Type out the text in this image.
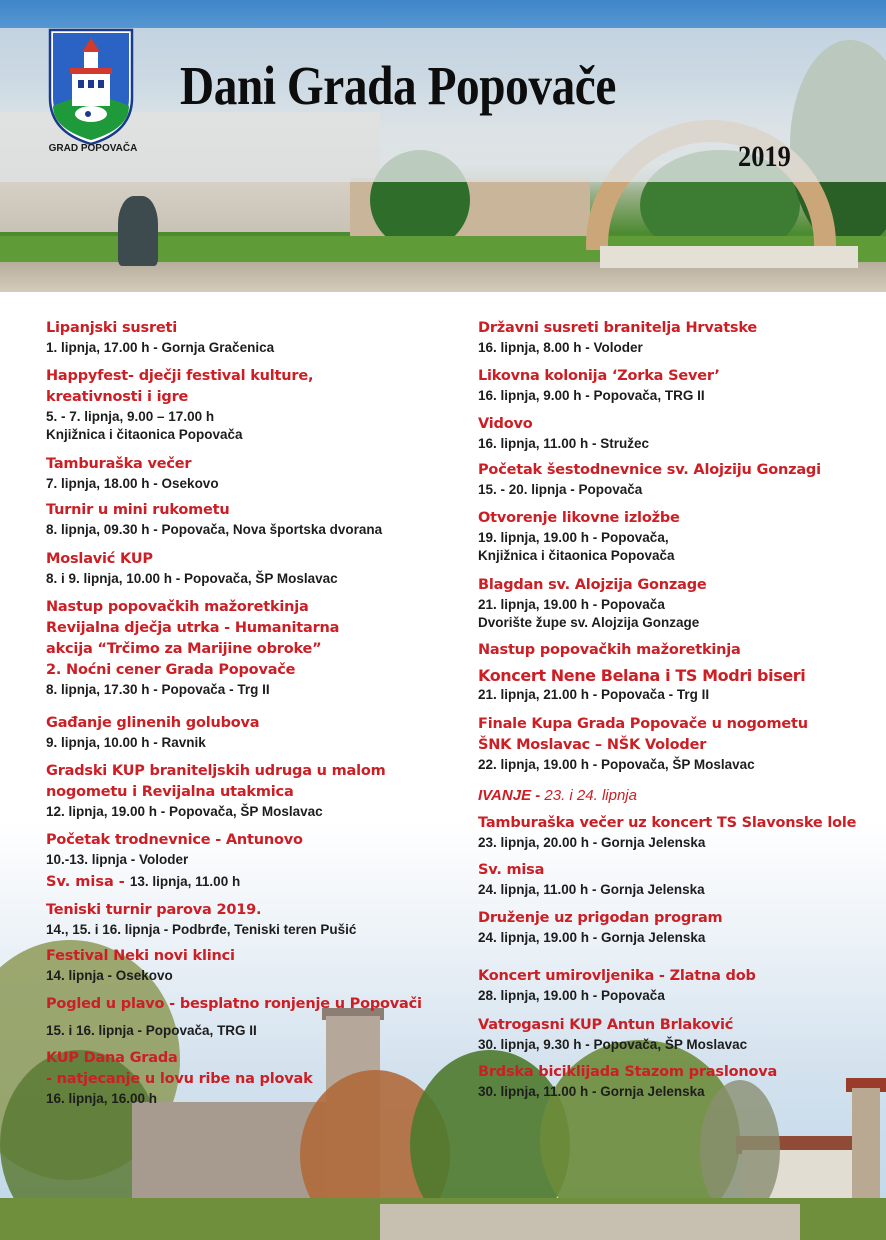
GRAD POPOVAČA
Dani Grada Popovače
2019
Lipanjski susreti
1. lipnja, 17.00 h - Gornja Gračenica
Happyfest- dječji festival kulture,
kreativnosti i igre
5. - 7. lipnja, 9.00 – 17.00 h
Knjižnica i čitaonica Popovača
Tamburaška večer
7. lipnja, 18.00 h - Osekovo
Turnir u mini rukometu
8. lipnja, 09.30 h - Popovača, Nova športska dvorana
Moslavić KUP
8. i 9. lipnja, 10.00 h - Popovača, ŠP Moslavac
Nastup popovačkih mažoretkinja
Revijalna dječja utrka - Humanitarna
akcija “Trčimo za Marijine obroke”
2. Noćni cener Grada Popovače
8. lipnja, 17.30 h - Popovača - Trg II
Gađanje glinenih golubova
9. lipnja, 10.00 h - Ravnik
Gradski KUP braniteljskih udruga u malom
nogometu i Revijalna utakmica
12. lipnja, 19.00 h - Popovača, ŠP Moslavac
Početak trodnevnice - Antunovo
10.-13. lipnja - Voloder
Sv. misa - 13. lipnja, 11.00 h
Teniski turnir parova 2019.
14., 15. i 16. lipnja - Podbrđe, Teniski teren Pušić
Festival Neki novi klinci
14. lipnja - Osekovo
Pogled u plavo - besplatno ronjenje u Popovači
15. i 16. lipnja - Popovača, TRG II
KUP Dana Grada
- natjecanje u lovu ribe na plovak
16. lipnja, 16.00 h
Državni susreti branitelja Hrvatske
16. lipnja, 8.00 h - Voloder
Likovna kolonija ‘Zorka Sever’
16. lipnja, 9.00 h - Popovača, TRG II
Vidovo
16. lipnja, 11.00 h - Stružec
Početak šestodnevnice sv. Alojziju Gonzagi
15. - 20. lipnja - Popovača
Otvorenje likovne izložbe
19. lipnja, 19.00 h - Popovača,
Knjižnica i čitaonica Popovača
Blagdan sv. Alojzija Gonzage
21. lipnja, 19.00 h - Popovača
Dvorište župe sv. Alojzija Gonzage
Nastup popovačkih mažoretkinja
Koncert Nene Belana i TS Modri biseri
21. lipnja, 21.00 h - Popovača - Trg II
Finale Kupa Grada Popovače u nogometu
ŠNK Moslavac – NŠK Voloder
22. lipnja, 19.00 h - Popovača, ŠP Moslavac
IVANJE - 23. i 24. lipnja
Tamburaška večer uz koncert TS Slavonske lole
23. lipnja, 20.00 h - Gornja Jelenska
Sv. misa
24. lipnja, 11.00 h - Gornja Jelenska
Druženje uz prigodan program
24. lipnja, 19.00 h - Gornja Jelenska
Koncert umirovljenika - Zlatna dob
28. lipnja, 19.00 h - Popovača
Vatrogasni KUP Antun Brlaković
30. lipnja, 9.30 h - Popovača, ŠP Moslavac
Brdska biciklijada Stazom praslonova
30. lipnja, 11.00 h - Gornja Jelenska
